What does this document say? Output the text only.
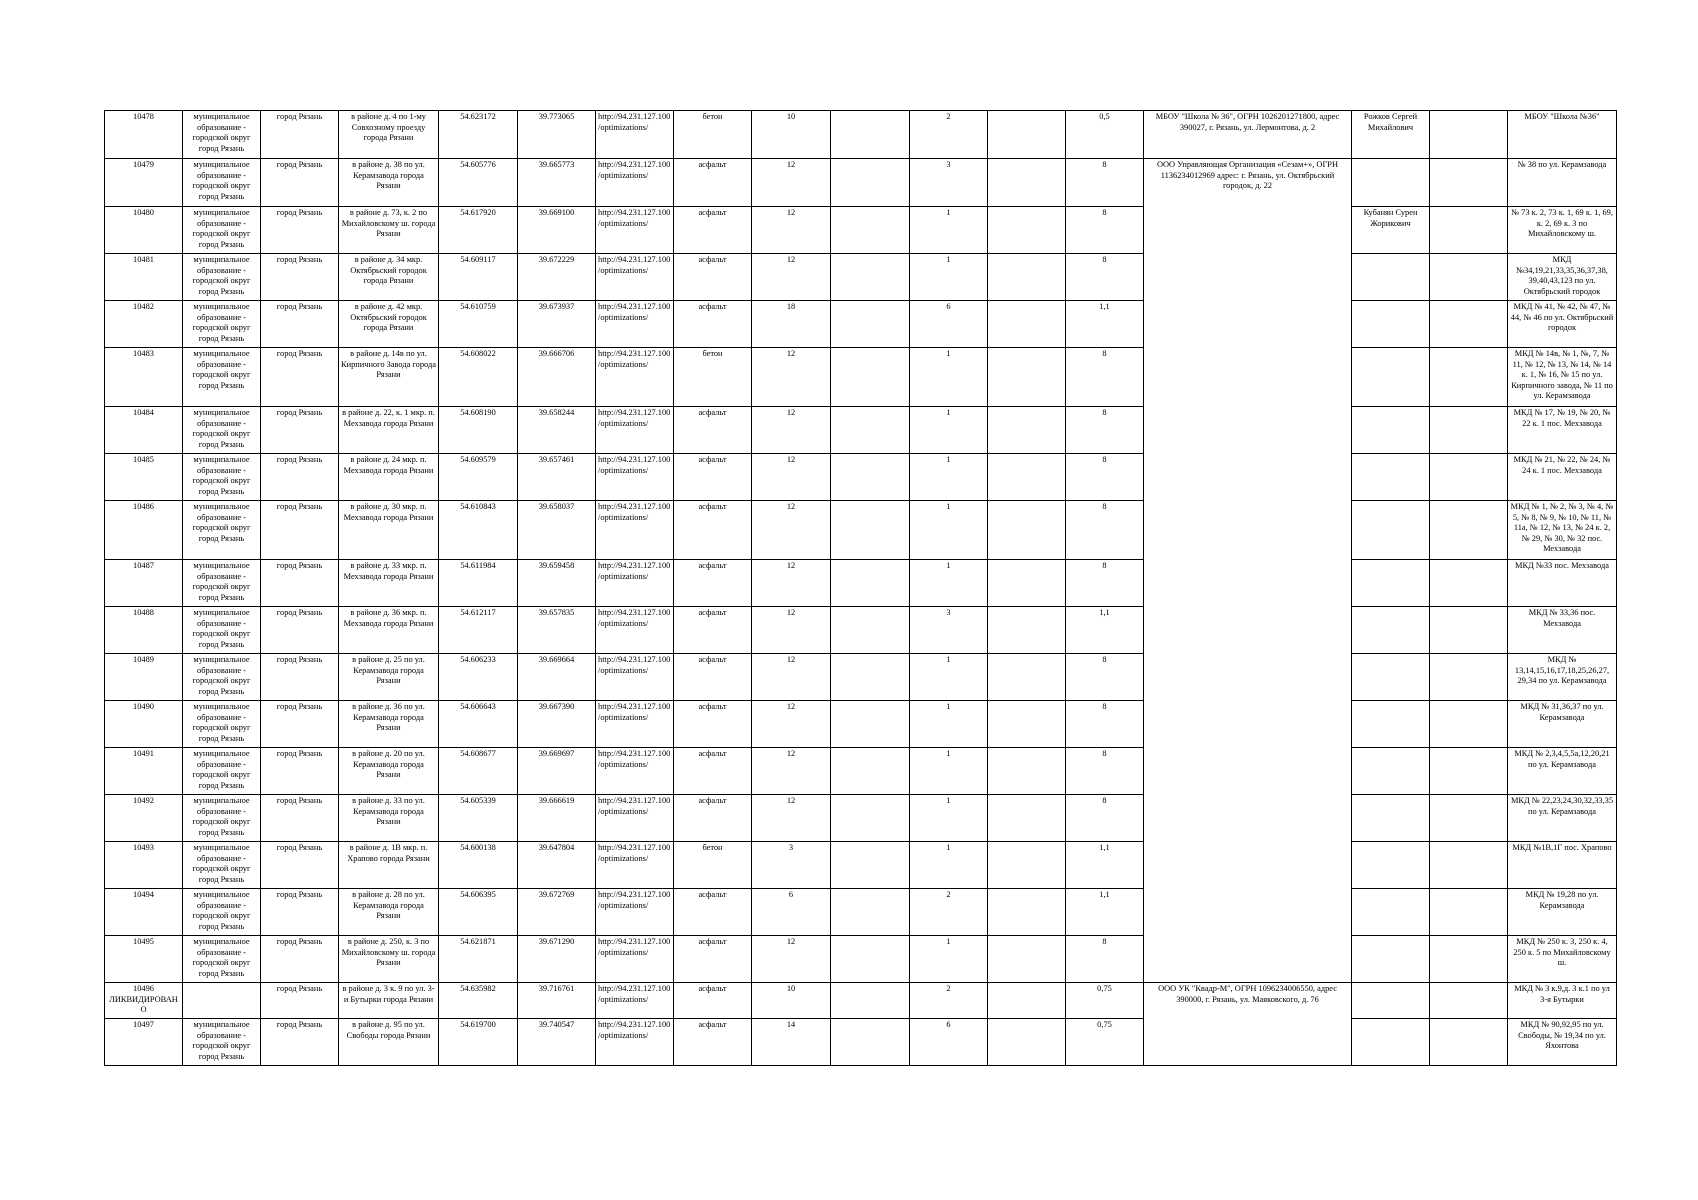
10478	муниципальное образование - городской округ город Рязань	город Рязань	в районе д. 4 по 1-му Совхозному проезду города Рязани	54.623172	39.773065	http://94.231.127.100/optimizations/	бетон	10		2		0,5	МБОУ "Школа № 36", ОГРН 1026201271800, адрес 390027, г. Рязань, ул. Лермонтова, д. 2	Рожков Сергей Михайлович		МБОУ "Школа №36"
10479	муниципальное образование - городской округ город Рязань	город Рязань	в районе д. 38 по ул. Керамзавода города Рязани	54.605776	39.665773	http://94.231.127.100/optimizations/	асфальт	12		3		8	ООО Управляющая Организация «Сезам+», ОГРН 1136234012969 адрес: г. Рязань, ул. Октябрьский городок, д. 22			№ 38 по ул. Керамзавода
10480	муниципальное образование - городской округ город Рязань	город Рязань	в районе д. 73, к. 2 по Михайловскому ш. города Рязани	54.617920	39.669100	http://94.231.127.100/optimizations/	асфальт	12		1		8		Кубанян Сурен Жорикович		№ 73 к. 2, 73 к. 1, 69 к. 1, 69, к. 2, 69 к. 3 по Михайловскому ш.
10481	муниципальное образование - городской округ город Рязань	город Рязань	в районе д. 34 мкр. Октябрьский городок города Рязани	54.609117	39.672229	http://94.231.127.100/optimizations/	асфальт	12		1		8				МКД №34,19,21,33,35,36,37,38, 39,40,43,123 по ул. Октябрьский городок
10482	муниципальное образование - городской округ город Рязань	город Рязань	в районе д. 42 мкр. Октябрьский городок города Рязани	54.610759	39.673937	http://94.231.127.100/optimizations/	асфальт	18		6		1,1				МКД № 41, № 42, № 47, № 44, № 46 по ул. Октябрьский городок
10483	муниципальное образование - городской округ город Рязань	город Рязань	в районе д. 14в по ул. Кирпичного Завода города Рязани	54.608022	39.666706	http://94.231.127.100/optimizations/	бетон	12		1		8				МКД № 14в, № 1, №, 7, № 11, № 12, № 13, № 14, № 14 к. 1, № 16, № 15 по ул. Кирпичного завода, № 11 по ул. Керамзавода
10484	муниципальное образование - городской округ город Рязань	город Рязань	в районе д. 22, к. 1 мкр. п. Мехзавода города Рязани	54.608190	39.658244	http://94.231.127.100/optimizations/	асфальт	12		1		8				МКД № 17, № 19, № 20, № 22 к. 1 пос. Мехзавода
10485	муниципальное образование - городской округ город Рязань	город Рязань	в районе д. 24 мкр. п. Мехзавода города Рязани	54.609579	39.657461	http://94.231.127.100/optimizations/	асфальт	12		1		8				МКД № 21, № 22, № 24, № 24 к. 1 пос. Мехзавода
10486	муниципальное образование - городской округ город Рязань	город Рязань	в районе д. 30 мкр. п. Мехзавода города Рязани	54.610843	39.658037	http://94.231.127.100/optimizations/	асфальт	12		1		8				МКД № 1, № 2, № 3, № 4, № 5, № 8, № 9, № 10, № 11, № 11а, № 12, № 13, № 24 к. 2, № 29, № 30, № 32 пос. Мехзавода
10487	муниципальное образование - городской округ город Рязань	город Рязань	в районе д. 33 мкр. п. Мехзавода города Рязани	54.611984	39.659458	http://94.231.127.100/optimizations/	асфальт	12		1		8				МКД №33 пос. Мехзавода
10488	муниципальное образование - городской округ город Рязань	город Рязань	в районе д. 36 мкр. п. Мехзавода города Рязани	54.612117	39.657835	http://94.231.127.100/optimizations/	асфальт	12		3		1,1				МКД № 33,36 пос. Мехзавода
10489	муниципальное образование - городской округ город Рязань	город Рязань	в районе д. 25 по ул. Керамзавода города Рязани	54.606233	39.669664	http://94.231.127.100/optimizations/	асфальт	12		1		8				МКД № 13,14,15,16,17,18,25,26,27, 29,34 по ул. Керамзавода
10490	муниципальное образование - городской округ город Рязань	город Рязань	в районе д. 36 по ул. Керамзавода города Рязани	54.606643	39.667390	http://94.231.127.100/optimizations/	асфальт	12		1		8				МКД № 31,36,37 по ул. Керамзавода
10491	муниципальное образование - городской округ город Рязань	город Рязань	в районе д. 20 по ул. Керамзавода города Рязани	54.608677	39.669697	http://94.231.127.100/optimizations/	асфальт	12		1		8				МКД № 2,3,4,5,5а,12,20,21 по ул. Керамзавода
10492	муниципальное образование - городской округ город Рязань	город Рязань	в районе д. 33 по ул. Керамзавода города Рязани	54.605339	39.666619	http://94.231.127.100/optimizations/	асфальт	12		1		8				МКД № 22,23,24,30,32,33,35 по ул. Керамзавода
10493	муниципальное образование - городской округ город Рязань	город Рязань	в районе д. 1В мкр. п. Храпово города Рязани	54.600138	39.647804	http://94.231.127.100/optimizations/	бетон	3		1		1,1				МКД №1В,1Г пос. Храпово
10494	муниципальное образование - городской округ город Рязань	город Рязань	в районе д. 28 по ул. Керамзавода города Рязани	54.606395	39.672769	http://94.231.127.100/optimizations/	асфальт	6		2		1,1				МКД № 19,28 по ул. Керамзавода
10495	муниципальное образование - городской округ город Рязань	город Рязань	в районе д. 250, к. 3 по Михайловскому ш. города Рязани	54.621871	39.671290	http://94.231.127.100/optimizations/	асфальт	12		1		8				МКД № 250 к. 3, 250 к. 4, 250 к. 5 по Михайловскому ш.
10496 ЛИКВИДИРОВАНО		город Рязань	в районе д. 3 к. 9 по ул. 3-и Бутырки города Рязани	54.635982	39.716761	http://94.231.127.100/optimizations/	асфальт	10		2		0,75	ООО УК "Квадр-М", ОГРН 1096234006550, адрес 390000, г. Рязань, ул. Маяковского, д. 76			МКД № 3 к.9,д. 3 к.1 по ул 3-я Бутырки
10497	муниципальное образование - городской округ город Рязань	город Рязань	в районе д. 95 по ул. Свободы города Рязани	54.619700	39.740547	http://94.231.127.100/optimizations/	асфальт	14		6		0,75				МКД № 90,92,95 по ул. Свободы, № 19,34 по ул. Яхонтова
